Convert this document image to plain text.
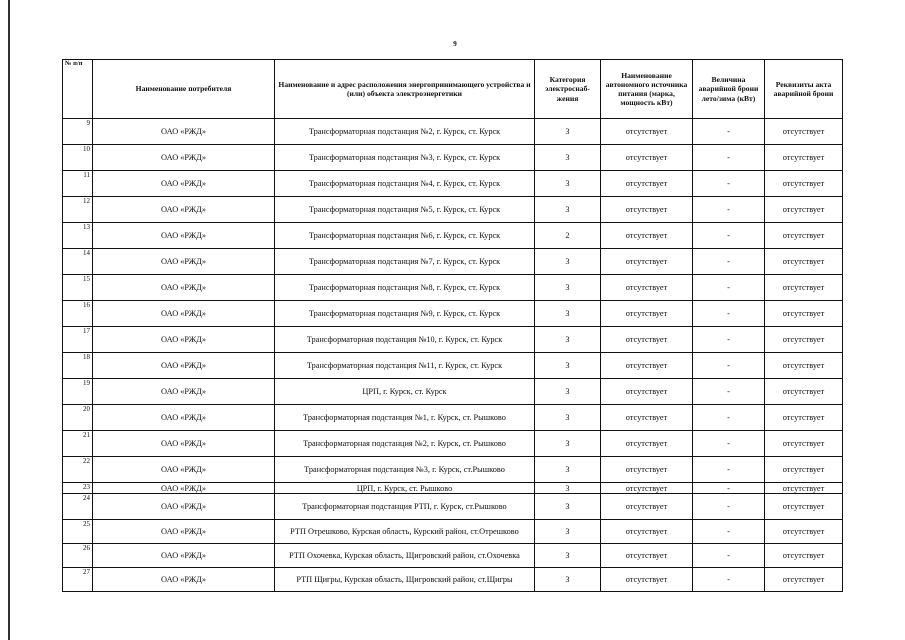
9
№ п/п	Наименование потребителя	Наименование и адрес расположения энергопринимающего устройства и (или) объекта электроэнергетики	Категория электроснаб-жения	Наименование автономного источника питания (марка, мощность кВт)	Величина аварийной брони лето/зима (кВт)	Реквизиты акта аварийной брони
9	ОАО «РЖД»	Трансформаторная подстанция №2, г. Курск, ст. Курск	3	отсутствует	-	отсутствует
10	ОАО «РЖД»	Трансформаторная подстанция №3, г. Курск, ст. Курск	3	отсутствует	-	отсутствует
11	ОАО «РЖД»	Трансформаторная подстанция №4, г. Курск, ст. Курск	3	отсутствует	-	отсутствует
12	ОАО «РЖД»	Трансформаторная подстанция №5, г. Курск, ст. Курск	3	отсутствует	-	отсутствует
13	ОАО «РЖД»	Трансформаторная подстанция №6, г. Курск, ст. Курск	2	отсутствует	-	отсутствует
14	ОАО «РЖД»	Трансформаторная подстанция №7, г. Курск, ст. Курск	3	отсутствует	-	отсутствует
15	ОАО «РЖД»	Трансформаторная подстанция №8, г. Курск, ст. Курск	3	отсутствует	-	отсутствует
16	ОАО «РЖД»	Трансформаторная подстанция №9, г. Курск, ст. Курск	3	отсутствует	-	отсутствует
17	ОАО «РЖД»	Трансформаторная подстанция №10, г. Курск, ст. Курск	3	отсутствует	-	отсутствует
18	ОАО «РЖД»	Трансформаторная подстанция №11, г. Курск, ст. Курск	3	отсутствует	-	отсутствует
19	ОАО «РЖД»	ЦРП, г. Курск, ст. Курск	3	отсутствует	-	отсутствует
20	ОАО «РЖД»	Трансформаторная подстанция №1, г. Курск, ст. Рышково	3	отсутствует	-	отсутствует
21	ОАО «РЖД»	Трансформаторная подстанция №2, г. Курск, ст. Рышково	3	отсутствует	-	отсутствует
22	ОАО «РЖД»	Трансформаторная подстанция №3, г. Курск, ст.Рышково	3	отсутствует	-	отсутствует
23	ОАО «РЖД»	ЦРП, г. Курск, ст. Рышково	3	отсутствует	-	отсутствует
24	ОАО «РЖД»	Трансформаторная подстанция РТП, г. Курск, ст.Рышково	3	отсутствует	-	отсутствует
25	ОАО «РЖД»	РТП Отрешково, Курская область, Курский район, ст.Отрешково	3	отсутствует	-	отсутствует
26	ОАО «РЖД»	РТП Охочевка, Курская область, Щигровский район, ст.Охочевка	3	отсутствует	-	отсутствует
27	ОАО «РЖД»	РТП Щигры, Курская область, Щигровский район, ст.Щигры	3	отсутствует	-	отсутствует
